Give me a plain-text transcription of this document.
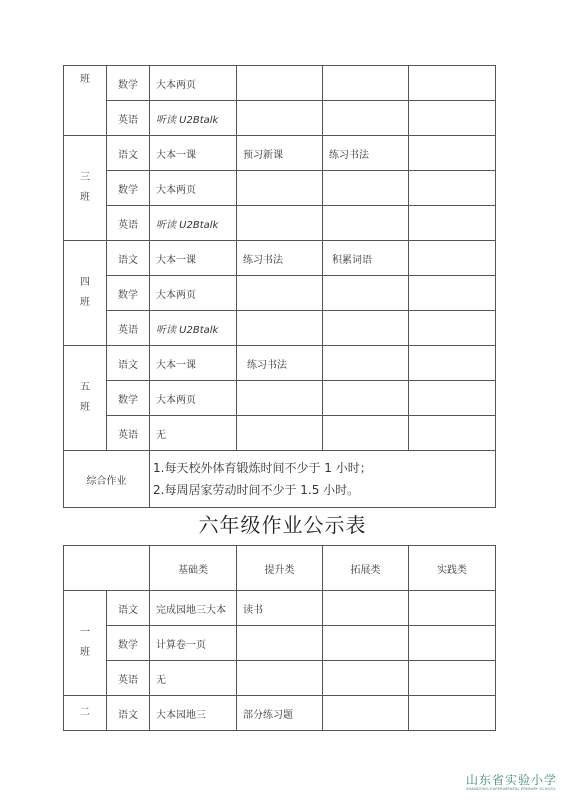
班	数学	大本两页			
	英语	听读 U2Btalk			
三
班	语文	大本一课	预习新课	练习书法	
	数学	大本两页			
	英语	听读 U2Btalk			
四
班	语文	大本一课	练习书法	积累词语	
	数学	大本两页			
	英语	听读 U2Btalk			
五
班	语文	大本一课	练习书法		
	数学	大本两页			
	英语	无			
综合作业		1.每天校外体育锻炼时间不少于 1 小时；
2.每周居家劳动时间不少于 1.5 小时。			
六年级作业公示表
		基础类	提升类	拓展类	实践类
一
班	语文	完成园地三大本	读书		
	数学	计算卷一页			
	英语	无			
二	语文	大本园地三	部分练习题		
山东省实验小学
SHANDONG EXPERIMENTAL PRIMARY SCHOOL
